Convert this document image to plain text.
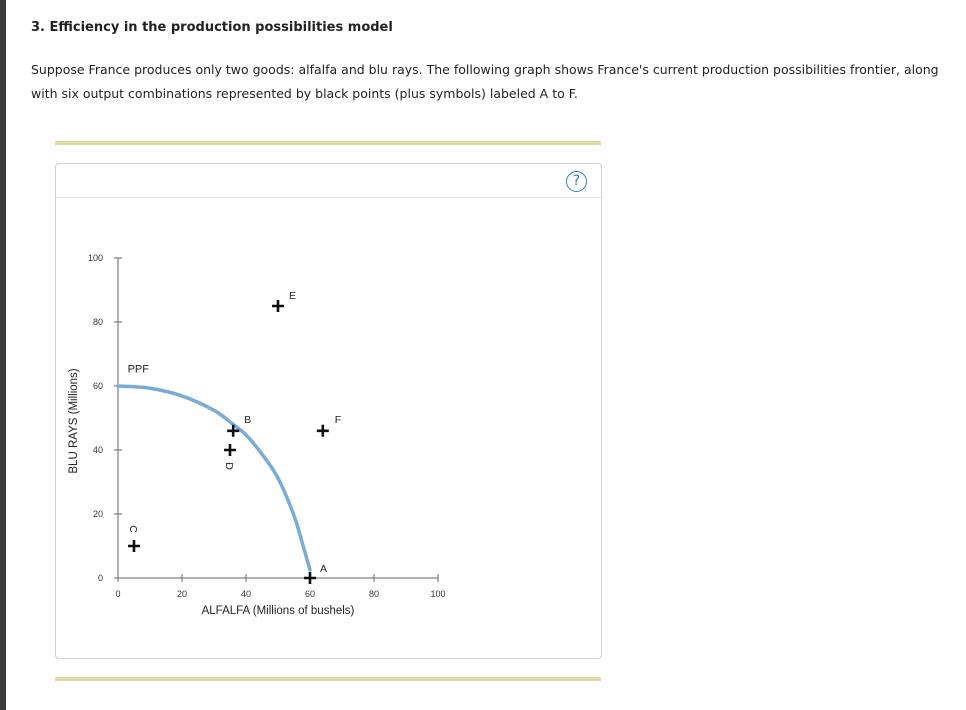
3. Efficiency in the production possibilities model

Suppose France produces only two goods: alfalfa and blu rays. The following graph shows France's current production possibilities frontier, along with six output combinations represented by black points (plus symbols) labeled A to F.

?
0	20	40	60	80	100
0
20
40
60
80
100
ALFALFA (Millions of bushels)
BLU RAYS (Millions)	PPF
A
B
C
D
E
F
